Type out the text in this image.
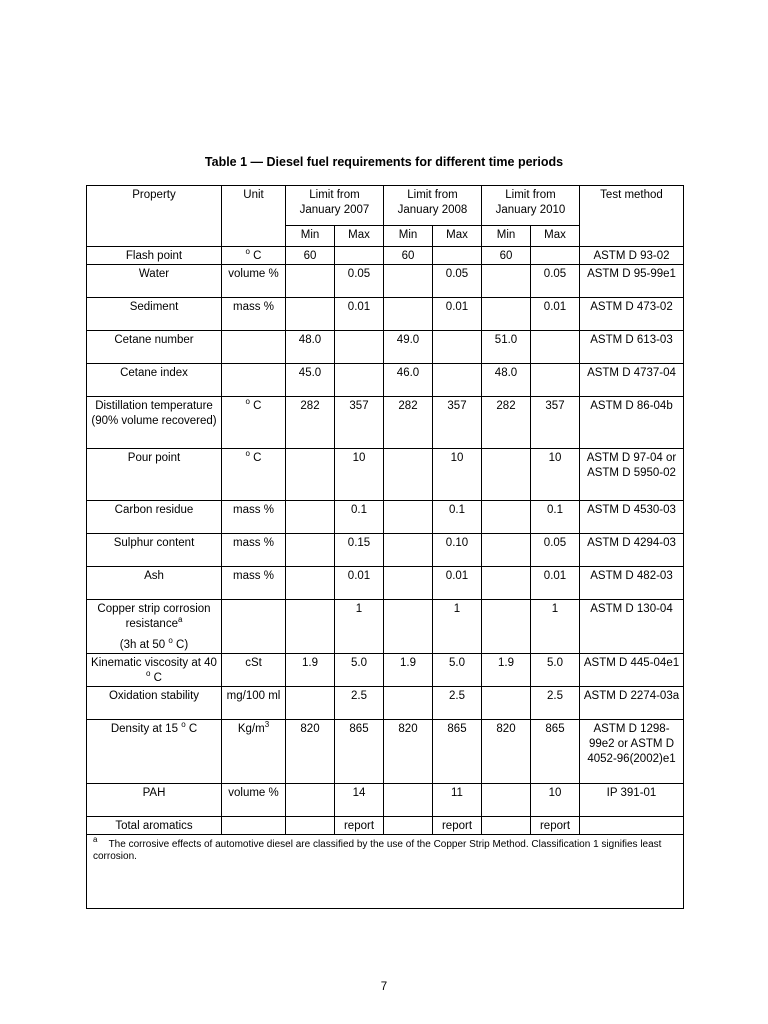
Table 1 — Diesel fuel requirements for different time periods
Property	Unit	Limit from January 2007		Limit from January 2008		Limit from January 2010		Test method
		Min	Max	Min	Max	Min	Max	
Flash point	$^o$ C	60		60		60		ASTM D 93-02
Water	volume %		0.05		0.05		0.05	ASTM D 95-99e1
Sediment	mass %		0.01		0.01		0.01	ASTM D 473-02
Cetane number		48.0		49.0		51.0		ASTM D 613-03
Cetane index		45.0		46.0		48.0		ASTM D 4737-04
Distillation temperature (90% volume recovered)	$^o$ C	282	357	282	357	282	357	ASTM D 86-04b
Pour point	$^o$ C		10		10		10	ASTM D 97-04 or ASTM D 5950-02
Carbon residue	mass %		0.1		0.1		0.1	ASTM D 4530-03
Sulphur content	mass %		0.15		0.10		0.05	ASTM D 4294-03
Ash	mass %		0.01		0.01		0.01	ASTM D 482-03
Copper strip corrosion resistance$^a$
(3h at 50 $^o$ C)			1		1		1	ASTM D 130-04
Kinematic viscosity at 40 $^o$ C	cSt	1.9	5.0	1.9	5.0	1.9	5.0	ASTM D 445-04e1
Oxidation stability	mg/100 ml		2.5		2.5		2.5	ASTM D 2274-03a
Density at 15 $^o$ C	$Kg/m^3$	820	865	820	865	820	865	ASTM D 1298-99e2 or ASTM D 4052-96(2002)e1
PAH	volume %		14		11		10	IP 391-01
Total aromatics			report		report		report	
$^a$ The corrosive effects of automotive diesel are classified by the use of the Copper Strip Method. Classification 1 signifies least corrosion.								
7
